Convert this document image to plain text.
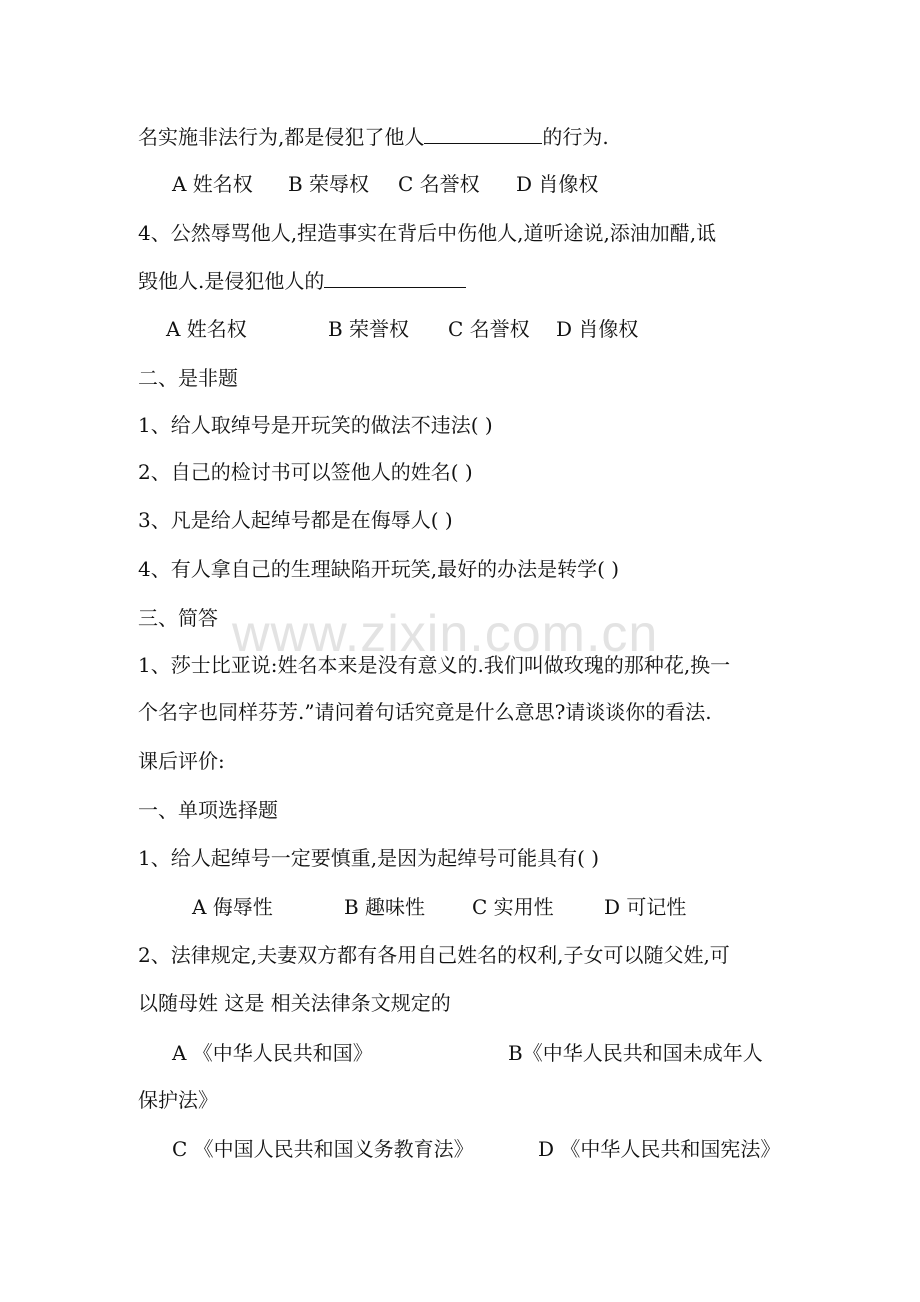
www.zixin.com.cn
名实施非法行为,都是侵犯了他人	的行为.
A 姓名权 B 荣辱权 C 名誉权 D 肖像权
4、公然辱骂他人,捏造事实在背后中伤他人,道听途说,添油加醋,诋
毁他人.是侵犯他人的
A 姓名权	B 荣誉权 C 名誉权 D 肖像权
二、是非题
1、给人取绰号是开玩笑的做法不违法( )
2、自己的检讨书可以签他人的姓名( )
3、凡是给人起绰号都是在侮辱人( )
4、有人拿自己的生理缺陷开玩笑,最好的办法是转学( )
三、简答
1、莎士比亚说:姓名本来是没有意义的.我们叫做玫瑰的那种花,换一
个名字也同样芬芳.”请问着句话究竟是什么意思?请谈谈你的看法.
课后评价:
一、单项选择题
1、给人起绰号一定要慎重,是因为起绰号可能具有( )
A 侮辱性	B 趣味性 C 实用性	D 可记性
2、法律规定,夫妻双方都有各用自己姓名的权利,子女可以随父姓,可
以随母姓 这是 相关法律条文规定的
A 《中华人民共和国》	B《中华人民共和国未成年人
保护法》
C 《中国人民共和国义务教育法》	D 《中华人民共和国宪法》
